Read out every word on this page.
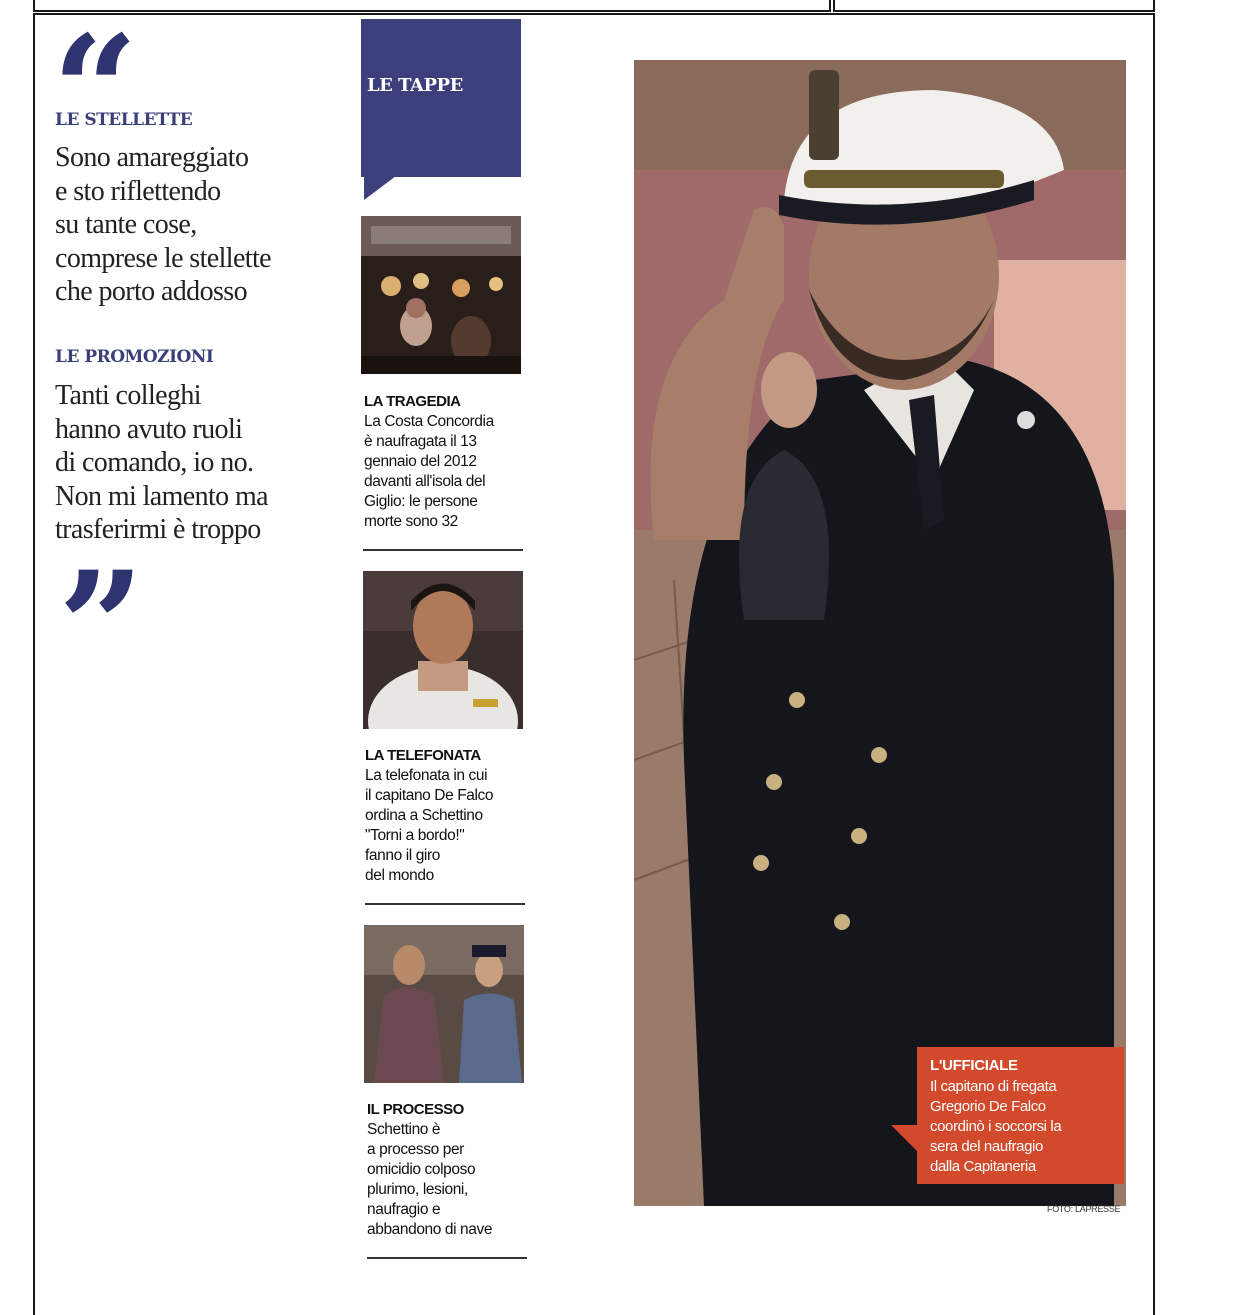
LE STELLETTE
Sono amareggiato
e sto riflettendo
su tante cose,
comprese le stellette
che porto addosso
LE PROMOZIONI
Tanti colleghi
hanno avuto ruoli
di comando, io no.
Non mi lamento ma
trasferirmi è troppo
LE TAPPE
LA TRAGEDIA
La Costa Concordia
è naufragata il 13
gennaio del 2012
davanti all'isola del
Giglio: le persone
morte sono 32
LA TELEFONATA
La telefonata in cui
il capitano De Falco
ordina a Schettino
"Torni a bordo!"
fanno il giro
del mondo
IL PROCESSO
Schettino è
a processo per
omicidio colposo
plurimo, lesioni,
naufragio e
abbandono di nave
L'UFFICIALE
Il capitano di fregata
Gregorio De Falco
coordinò i soccorsi la
sera del naufragio
dalla Capitaneria
FOTO: LAPRESSE
